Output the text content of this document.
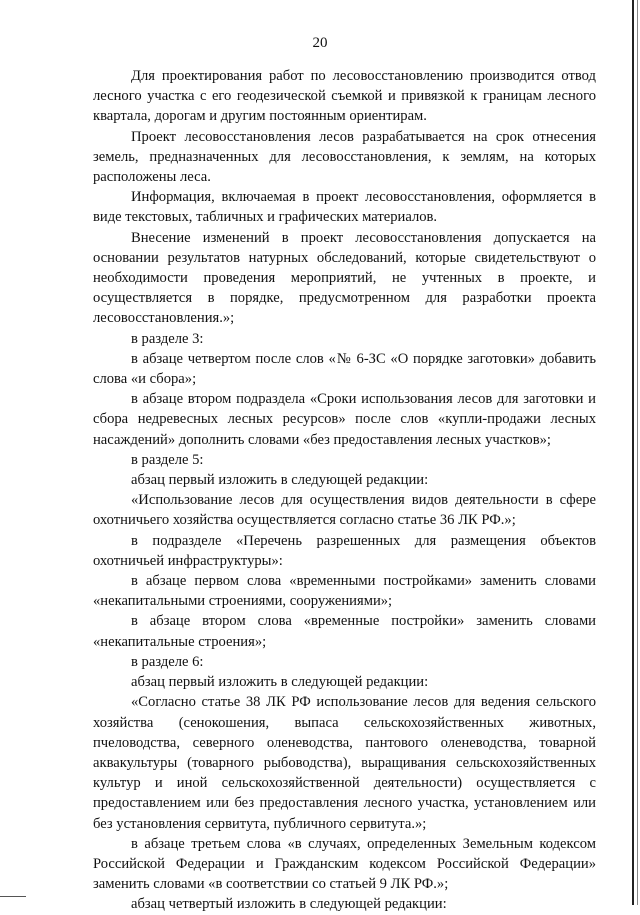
20

Для проектирования работ по лесовосстановлению производится отвод лесного участка с его геодезической съемкой и привязкой к границам лесного квартала, дорогам и другим постоянным ориентирам.

Проект лесовосстановления лесов разрабатывается на срок отнесения земель, предназначенных для лесовосстановления, к землям, на которых расположены леса.

Информация, включаемая в проект лесовосстановления, оформляется в виде текстовых, табличных и графических материалов.

Внесение изменений в проект лесовосстановления допускается на основании результатов натурных обследований, которые свидетельствуют о необходимости проведения мероприятий, не учтенных в проекте, и осуществляется в порядке, предусмотренном для разработки проекта лесовосстановления.»;

в разделе 3:

в абзаце четвертом после слов «№ 6-ЗС «О порядке заготовки» добавить слова «и сбора»;

в абзаце втором подраздела «Сроки использования лесов для заготовки и сбора недревесных лесных ресурсов» после слов «купли-продажи лесных насаждений» дополнить словами «без предоставления лесных участков»;

в разделе 5:

абзац первый изложить в следующей редакции:

«Использование лесов для осуществления видов деятельности в сфере охотничьего хозяйства осуществляется согласно статье 36 ЛК РФ.»;

в подразделе «Перечень разрешенных для размещения объектов охотничьей инфраструктуры»:

в абзаце первом слова «временными постройками» заменить словами «некапитальными строениями, сооружениями»;

в абзаце втором слова «временные постройки» заменить словами «некапитальные строения»;

в разделе 6:

абзац первый изложить в следующей редакции:

«Согласно статье 38 ЛК РФ использование лесов для ведения сельского хозяйства (сенокошения, выпаса сельскохозяйственных животных, пчеловодства, северного оленеводства, пантового оленеводства, товарной аквакультуры (товарного рыбоводства), выращивания сельскохозяйственных культур и иной сельскохозяйственной деятельности) осуществляется с предоставлением или без предоставления лесного участка, установлением или без установления сервитута, публичного сервитута.»;

в абзаце третьем слова «в случаях, определенных Земельным кодексом Российской Федерации и Гражданским кодексом Российской Федерации» заменить словами «в соответствии со статьей 9 ЛК РФ.»;

абзац четвертый изложить в следующей редакции:
